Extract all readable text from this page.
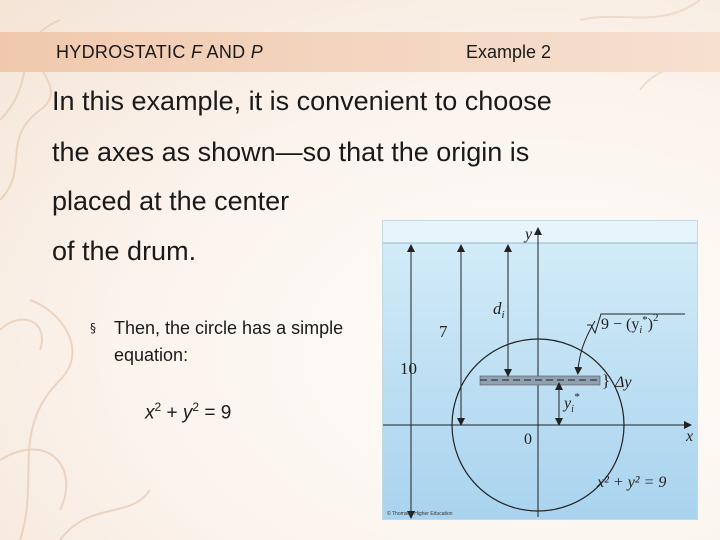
HYDROSTATIC F AND P	Example 2
In this example, it is convenient to choose
the axes as shown—so that the origin is
placed at the center
of the drum.
§	Then, the circle has a simple equation:
$x^2 + y^2 = 9$
y
x
0
10
7
$d_i$
$9 - (y_i^*)^2$
} Δy
$y_i^*$
x² + y² = 9
© Thomson Higher Education
